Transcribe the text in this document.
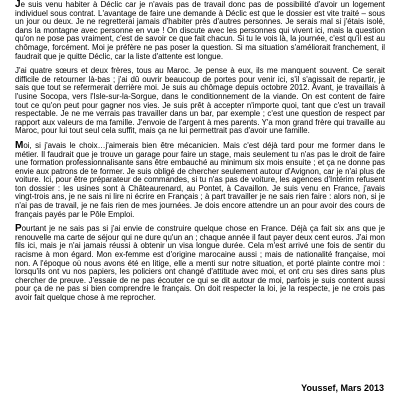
Je suis venu habiter à Déclic car je n'avais pas de travail donc pas de possibilité d'avoir un logement individuel sous contrat. L'avantage de faire une demande à Déclic est que le dossier est vite traité – sous un jour ou deux. Je ne regretterai jamais d'habiter près d'autres personnes. Je serais mal si j'étais isolé, dans la montagne avec personne en vue ! On discute avec les personnes qui vivent ici, mais la question qu'on ne pose pas vraiment, c'est de savoir ce que fait chacun. Si tu le vois là, la journée, c'est qu'il est au chômage, forcément. Moi je préfère ne pas poser la question. Si ma situation s'améliorait franchement, il faudrait que je quitte Déclic, car la liste d'attente est longue.

J'ai quatre sœurs et deux frères, tous au Maroc. Je pense à eux, ils me manquent souvent. Ce serait difficile de retourner là-bas ; j'ai dû ouvrir beaucoup de portes pour venir ici, s'il s'agissait de repartir, je sais que tout se refermerait derrière moi. Je suis au chômage depuis octobre 2012. Avant, je travaillais à l'usine Socopa, vers l'Isle-sur-la-Sorgue, dans le conditionnement de la viande. On est content de faire tout ce qu'on peut pour gagner nos vies. Je suis prêt à accepter n'importe quoi, tant que c'est un travail respectable. Je ne me verrais pas travailler dans un bar, par exemple ; c'est une question de respect par rapport aux valeurs de ma famille. J'envoie de l'argent à mes parents. Y'a mon grand frère qui travaille au Maroc, pour lui tout seul cela suffit, mais ça ne lui permettrait pas d'avoir une famille.

Moi, si j'avais le choix…j'aimerais bien être mécanicien. Mais c'est déjà tard pour me former dans le métier. Il faudrait que je trouve un garage pour faire un stage, mais seulement tu n'as pas le droit de faire une formation professionnalisante sans être embauché au minimum six mois ensuite ; et ça ne donne pas envie aux patrons de te former. Je suis obligé de chercher seulement autour d'Avignon, car je n'ai plus de voiture. Ici, pour être préparateur de commandes, si tu n'as pas de voiture, les agences d'Intérim refusent ton dossier : les usines sont à Châteaurenard, au Pontet, à Cavaillon. Je suis venu en France, j'avais vingt-trois ans, je ne sais ni lire ni écrire en Français ; à part travailler je ne sais rien faire : alors non, si je n'ai pas de travail, je ne fais rien de mes journées. Je dois encore attendre un an pour avoir des cours de français payés par le Pôle Emploi.

Pourtant je ne sais pas si j'ai envie de construire quelque chose en France. Déjà ça fait six ans que je renouvelle ma carte de séjour qui ne dure qu'un an ; chaque année il faut payer deux cent euros. J'ai mon fils ici, mais je n'ai jamais réussi à obtenir un visa longue durée. Cela m'est arrivé une fois de sentir du racisme à mon égard. Mon ex-femme est d'origine marocaine aussi ; mais de nationalité française, moi non. A l'époque où nous avons été en litige, elle a menti sur notre situation, et porté plainte contre moi : lorsqu'ils ont vu nos papiers, les policiers ont changé d'attitude avec moi, et ont cru ses dires sans plus chercher de preuve. J'essaie de ne pas écouter ce qui se dit autour de moi, parfois je suis content aussi pour ça de ne pas si bien comprendre le français. On doit respecter la loi, je la respecte, je ne crois pas avoir fait quelque chose à me reprocher.

Youssef, Mars 2013
